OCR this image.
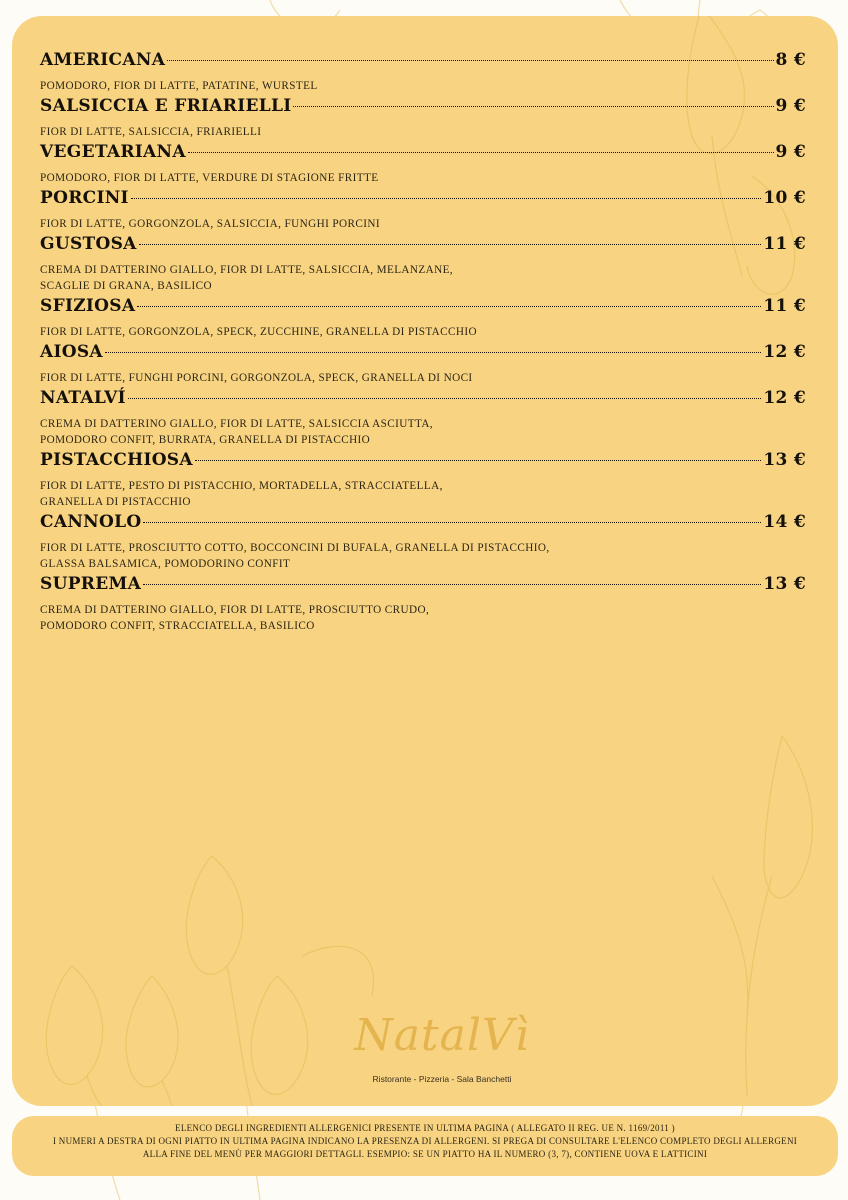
AMERICANA	8 €
POMODORO, FIOR DI LATTE, PATATINE, WURSTEL
SALSICCIA E FRIARIELLI	9 €
FIOR DI LATTE, SALSICCIA, FRIARIELLI
VEGETARIANA	9 €
POMODORO, FIOR DI LATTE, VERDURE DI STAGIONE FRITTE
PORCINI	10 €
FIOR DI LATTE, GORGONZOLA, SALSICCIA, FUNGHI PORCINI
GUSTOSA	11 €
CREMA DI DATTERINO GIALLO, FIOR DI LATTE, SALSICCIA, MELANZANE,
SCAGLIE DI GRANA, BASILICO
SFIZIOSA	11 €
FIOR DI LATTE, GORGONZOLA, SPECK, ZUCCHINE, GRANELLA DI PISTACCHIO
AIOSA	12 €
FIOR DI LATTE, FUNGHI PORCINI, GORGONZOLA, SPECK, GRANELLA DI NOCI
NATALVÍ	12 €
CREMA DI DATTERINO GIALLO, FIOR DI LATTE, SALSICCIA ASCIUTTA,
POMODORO CONFIT, BURRATA, GRANELLA DI PISTACCHIO
PISTACCHIOSA	13 €
FIOR DI LATTE, PESTO DI PISTACCHIO, MORTADELLA, STRACCIATELLA,
GRANELLA DI PISTACCHIO
CANNOLO	14 €
FIOR DI LATTE, PROSCIUTTO COTTO, BOCCONCINI DI BUFALA, GRANELLA DI PISTACCHIO,
GLASSA BALSAMICA, POMODORINO CONFIT
SUPREMA	13 €
CREMA DI DATTERINO GIALLO, FIOR DI LATTE, PROSCIUTTO CRUDO,
POMODORO CONFIT, STRACCIATELLA, BASILICO
NatalVì
Ristorante - Pizzeria - Sala Banchetti
ELENCO DEGLI INGREDIENTI ALLERGENICI PRESENTE IN ULTIMA PAGINA ( ALLEGATO II REG. UE N. 1169/2011 )
I NUMERI A DESTRA DI OGNI PIATTO IN ULTIMA PAGINA INDICANO LA PRESENZA DI ALLERGENI. SI PREGA DI CONSULTARE L'ELENCO COMPLETO DEGLI ALLERGENI
ALLA FINE DEL MENÙ PER MAGGIORI DETTAGLI. ESEMPIO: SE UN PIATTO HA IL NUMERO (3, 7), CONTIENE UOVA E LATTICINI
